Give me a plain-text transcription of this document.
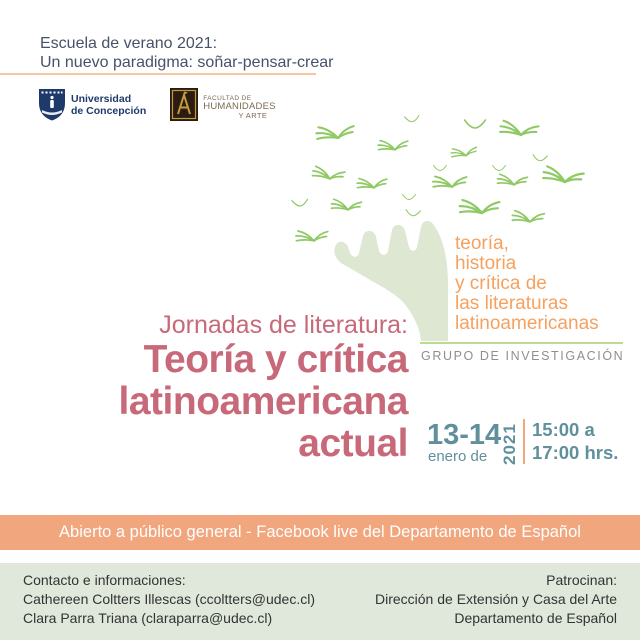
Escuela de verano 2021:
Un nuevo paradigma: soñar-pensar-crear
Universidad
de Concepción
FACULTAD DE
HUMANIDADES
Y ARTE
teoría,
historia
y crítica de
las literaturas
latinoamericanas
GRUPO DE INVESTIGACIÓN
Jornadas de literatura:
Teoría y crítica
latinoamericana
actual 13-14
enero de 2021 15:00 a
17:00 hrs.
Abierto a público general - Facebook live del Departamento de Español
Contacto e informaciones:
Cathereen Coltters Illescas (ccoltters@udec.cl)
Clara Parra Triana (claraparra@udec.cl)
Patrocinan:
Dirección de Extensión y Casa del Arte
Departamento de Español
